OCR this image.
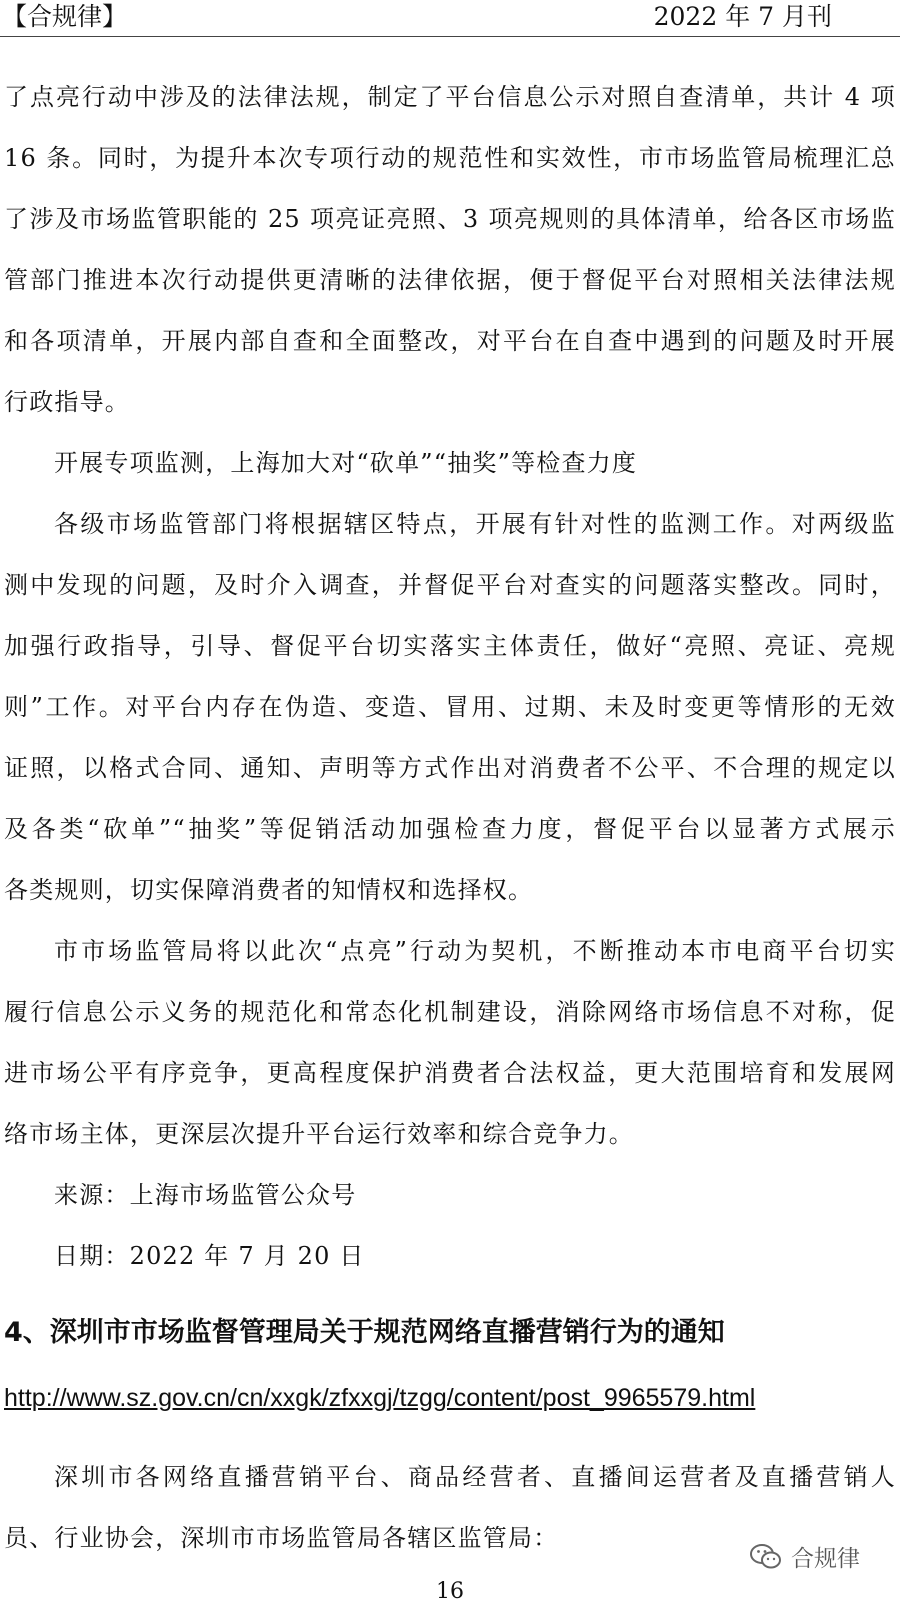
【合规律】	2022 年 7 月刊
了点亮行动中涉及的法律法规，制定了平台信息公示对照自查清单，共计 4 项
16 条。同时，为提升本次专项行动的规范性和实效性，市市场监管局梳理汇总
了涉及市场监管职能的 25 项亮证亮照、3 项亮规则的具体清单，给各区市场监
管部门推进本次行动提供更清晰的法律依据，便于督促平台对照相关法律法规
和各项清单，开展内部自查和全面整改，对平台在自查中遇到的问题及时开展
行政指导。
开展专项监测，上海加大对“砍单”“抽奖”等检查力度
各级市场监管部门将根据辖区特点，开展有针对性的监测工作。对两级监
测中发现的问题，及时介入调查，并督促平台对查实的问题落实整改。同时，
加强行政指导，引导、督促平台切实落实主体责任，做好“亮照、亮证、亮规
则”工作。对平台内存在伪造、变造、冒用、过期、未及时变更等情形的无效
证照，以格式合同、通知、声明等方式作出对消费者不公平、不合理的规定以
及各类“砍单”“抽奖”等促销活动加强检查力度，督促平台以显著方式展示
各类规则，切实保障消费者的知情权和选择权。
市市场监管局将以此次“点亮”行动为契机，不断推动本市电商平台切实
履行信息公示义务的规范化和常态化机制建设，消除网络市场信息不对称，促
进市场公平有序竞争，更高程度保护消费者合法权益，更大范围培育和发展网
络市场主体，更深层次提升平台运行效率和综合竞争力。
来源：上海市场监管公众号
日期：2022 年 7 月 20 日
4、深圳市市场监督管理局关于规范网络直播营销行为的通知
http://www.sz.gov.cn/cn/xxgk/zfxxgj/tzgg/content/post_9965579.html
深圳市各网络直播营销平台、商品经营者、直播间运营者及直播营销人
员、行业协会，深圳市市场监管局各辖区监管局：
合规律
16
